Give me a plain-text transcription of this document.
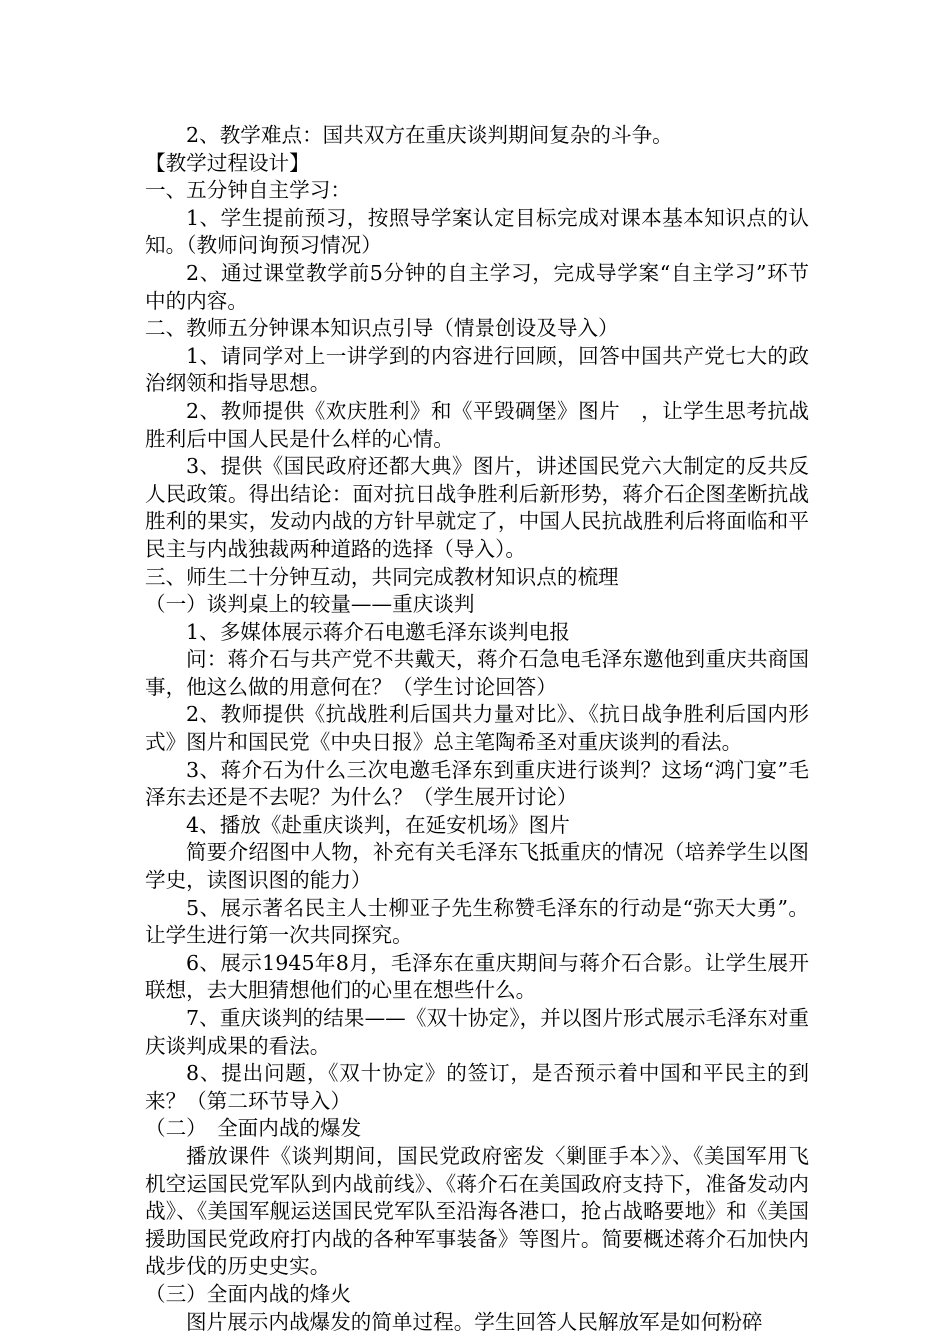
2、教学难点：国共双方在重庆谈判期间复杂的斗争。

【教学过程设计】

一、五分钟自主学习：

1、学生提前预习，按照导学案认定目标完成对课本基本知识点的认知。（教师问询预习情况）

2、通过课堂教学前5分钟的自主学习，完成导学案“自主学习”环节中的内容。

二、教师五分钟课本知识点引导（情景创设及导入）

1、请同学对上一讲学到的内容进行回顾，回答中国共产党七大的政治纲领和指导思想。

2、教师提供《欢庆胜利》和《平毁碉堡》图片　，让学生思考抗战胜利后中国人民是什么样的心情。

3、提供《国民政府还都大典》图片，讲述国民党六大制定的反共反人民政策。得出结论：面对抗日战争胜利后新形势，蒋介石企图垄断抗战胜利的果实，发动内战的方针早就定了，中国人民抗战胜利后将面临和平民主与内战独裁两种道路的选择（导入）。

三、师生二十分钟互动，共同完成教材知识点的梳理

（一）谈判桌上的较量——重庆谈判

1、多媒体展示蒋介石电邀毛泽东谈判电报

问：蒋介石与共产党不共戴天，蒋介石急电毛泽东邀他到重庆共商国事，他这么做的用意何在？（学生讨论回答）

2、教师提供《抗战胜利后国共力量对比》、《抗日战争胜利后国内形式》图片和国民党《中央日报》总主笔陶希圣对重庆谈判的看法。

3、蒋介石为什么三次电邀毛泽东到重庆进行谈判？这场“鸿门宴”毛泽东去还是不去呢？为什么？（学生展开讨论）

4、播放《赴重庆谈判，在延安机场》图片

简要介绍图中人物，补充有关毛泽东飞抵重庆的情况（培养学生以图学史，读图识图的能力）

5、展示著名民主人士柳亚子先生称赞毛泽东的行动是“弥天大勇”。让学生进行第一次共同探究。

6、展示1945年8月，毛泽东在重庆期间与蒋介石合影。让学生展开联想，去大胆猜想他们的心里在想些什么。

7、重庆谈判的结果——《双十协定》，并以图片形式展示毛泽东对重庆谈判成果的看法。

8、提出问题，《双十协定》的签订，是否预示着中国和平民主的到来？（第二环节导入）

（二）　全面内战的爆发

播放课件《谈判期间，国民党政府密发〈剿匪手本〉》、《美国军用飞机空运国民党军队到内战前线》、《蒋介石在美国政府支持下，准备发动内战》、《美国军舰运送国民党军队至沿海各港口，抢占战略要地》和《美国援助国民党政府打内战的各种军事装备》等图片。简要概述蒋介石加快内战步伐的历史史实。

（三）全面内战的烽火

图片展示内战爆发的简单过程。学生回答人民解放军是如何粉碎
